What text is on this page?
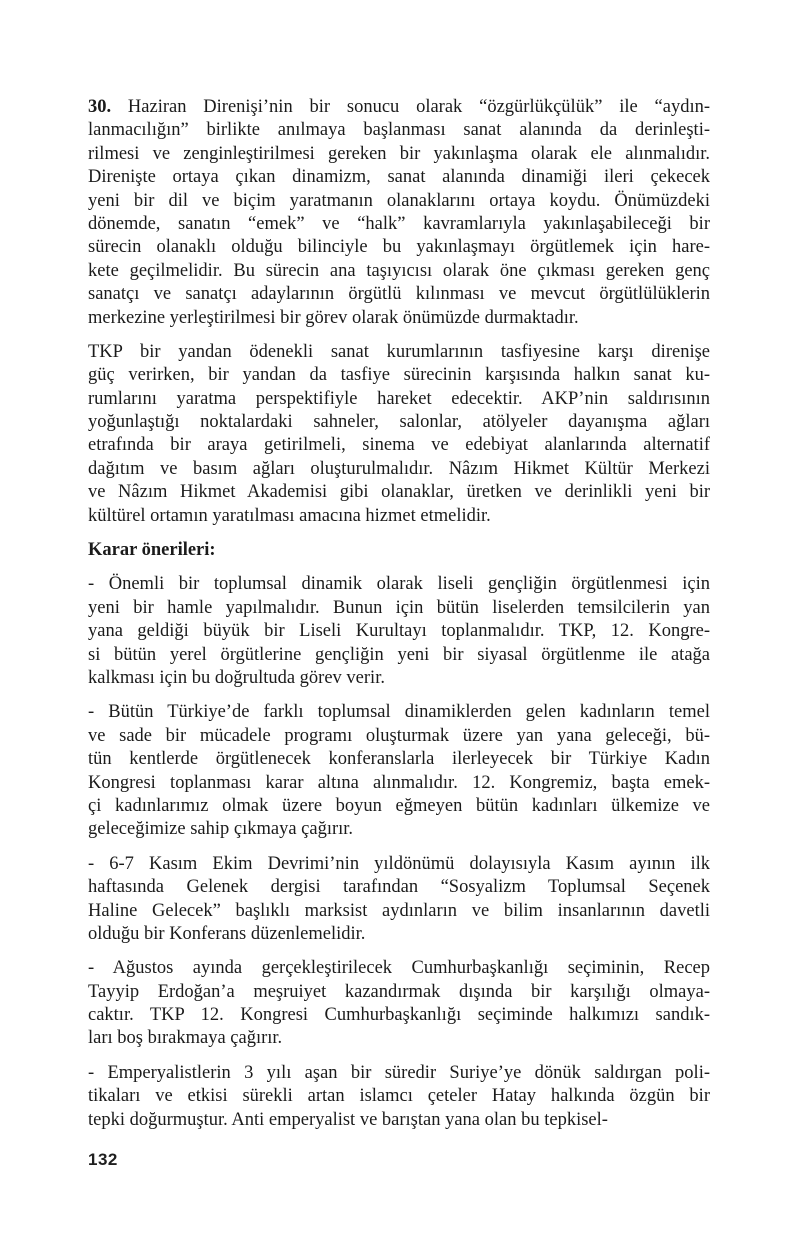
30. Haziran Direnişi’nin bir sonucu olarak “özgürlükçülük” ile “aydın-
lanmacılığın” birlikte anılmaya başlanması sanat alanında da derinleşti-
rilmesi ve zenginleştirilmesi gereken bir yakınlaşma olarak ele alınmalıdır.
Direnişte ortaya çıkan dinamizm, sanat alanında dinamiği ileri çekecek
yeni bir dil ve biçim yaratmanın olanaklarını ortaya koydu. Önümüzdeki
dönemde, sanatın “emek” ve “halk” kavramlarıyla yakınlaşabileceği bir
sürecin olanaklı olduğu bilinciyle bu yakınlaşmayı örgütlemek için hare-
kete geçilmelidir. Bu sürecin ana taşıyıcısı olarak öne çıkması gereken genç
sanatçı ve sanatçı adaylarının örgütlü kılınması ve mevcut örgütlülüklerin
merkezine yerleştirilmesi bir görev olarak önümüzde durmaktadır.
TKP bir yandan ödenekli sanat kurumlarının tasfiyesine karşı direnişe
güç verirken, bir yandan da tasfiye sürecinin karşısında halkın sanat ku-
rumlarını yaratma perspektifiyle hareket edecektir. AKP’nin saldırısının
yoğunlaştığı noktalardaki sahneler, salonlar, atölyeler dayanışma ağları
etrafında bir araya getirilmeli, sinema ve edebiyat alanlarında alternatif
dağıtım ve basım ağları oluşturulmalıdır. Nâzım Hikmet Kültür Merkezi
ve Nâzım Hikmet Akademisi gibi olanaklar, üretken ve derinlikli yeni bir
kültürel ortamın yaratılması amacına hizmet etmelidir.
Karar önerileri:
- Önemli bir toplumsal dinamik olarak liseli gençliğin örgütlenmesi için
yeni bir hamle yapılmalıdır. Bunun için bütün liselerden temsilcilerin yan
yana geldiği büyük bir Liseli Kurultayı toplanmalıdır. TKP, 12. Kongre-
si bütün yerel örgütlerine gençliğin yeni bir siyasal örgütlenme ile atağa
kalkması için bu doğrultuda görev verir.
- Bütün Türkiye’de farklı toplumsal dinamiklerden gelen kadınların temel
ve sade bir mücadele programı oluşturmak üzere yan yana geleceği, bü-
tün kentlerde örgütlenecek konferanslarla ilerleyecek bir Türkiye Kadın
Kongresi toplanması karar altına alınmalıdır. 12. Kongremiz, başta emek-
çi kadınlarımız olmak üzere boyun eğmeyen bütün kadınları ülkemize ve
geleceğimize sahip çıkmaya çağırır.
- 6-7 Kasım Ekim Devrimi’nin yıldönümü dolayısıyla Kasım ayının ilk
haftasında Gelenek dergisi tarafından “Sosyalizm Toplumsal Seçenek
Haline Gelecek” başlıklı marksist aydınların ve bilim insanlarının davetli
olduğu bir Konferans düzenlemelidir.
- Ağustos ayında gerçekleştirilecek Cumhurbaşkanlığı seçiminin, Recep
Tayyip Erdoğan’a meşruiyet kazandırmak dışında bir karşılığı olmaya-
caktır. TKP 12. Kongresi Cumhurbaşkanlığı seçiminde halkımızı sandık-
ları boş bırakmaya çağırır.
- Emperyalistlerin 3 yılı aşan bir süredir Suriye’ye dönük saldırgan poli-
tikaları ve etkisi sürekli artan islamcı çeteler Hatay halkında özgün bir
tepki doğurmuştur. Anti emperyalist ve barıştan yana olan bu tepkisel-
132
